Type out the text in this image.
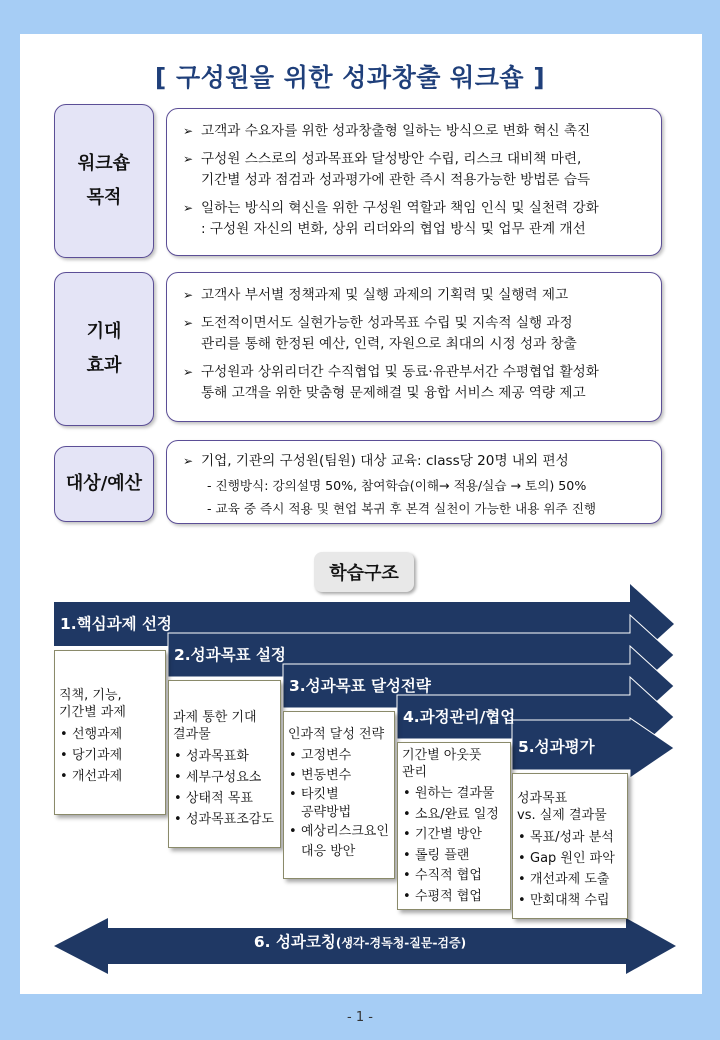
[ 구성원을 위한 성과창출 워크숍 ]
워크숍
목적
➢ 고객과 수요자를 위한 성과창출형 일하는 방식으로 변화 혁신 촉진
➢ 구성원 스스로의 성과목표와 달성방안 수립, 리스크 대비책 마련,
기간별 성과 점검과 성과평가에 관한 즉시 적용가능한 방법론 습득
➢ 일하는 방식의 혁신을 위한 구성원 역할과 책임 인식 및 실천력 강화
: 구성원 자신의 변화, 상위 리더와의 협업 방식 및 업무 관계 개선
기대
효과
➢ 고객사 부서별 정책과제 및 실행 과제의 기획력 및 실행력 제고
➢ 도전적이면서도 실현가능한 성과목표 수립 및 지속적 실행 과정
관리를 통해 한정된 예산, 인력, 자원으로 최대의 시정 성과 창출
➢ 구성원과 상위리더간 수직협업 및 동료·유관부서간 수평협업 활성화
통해 고객을 위한 맞춤형 문제해결 및 융합 서비스 제공 역량 제고
대상/예산
➢ 기업, 기관의 구성원(팀원) 대상 교육: class당 20명 내외 편성
- 진행방식: 강의설명 50%, 참여학습(이해→ 적용/실습 → 토의) 50%
- 교육 중 즉시 적용 및 현업 복귀 후 본격 실천이 가능한 내용 위주 진행
학습구조
1.핵심과제 선정
2.성과목표 설정
3.성과목표 달성전략
4.과정관리/협업
5.성과평가
직책, 기능,
기간별 과제
• 선행과제
• 당기과제
• 개선과제
과제 통한 기대
결과물
• 성과목표화
• 세부구성요소
• 상태적 목표
• 성과목표조감도
인과적 달성 전략
• 고정변수
• 변동변수
• 타킷별
공략방법
• 예상리스크요인
대응 방안
기간별 아웃풋
관리
• 원하는 결과물
• 소요/완료 일정
• 기간별 방안
• 롤링 플랜
• 수직적 협업
• 수평적 협업
성과목표
vs. 실제 결과물
• 목표/성과 분석
• Gap 원인 파악
• 개선과제 도출
• 만회대책 수립
6. 성과코칭(생각-경독청-질문-검증)
- 1 -
